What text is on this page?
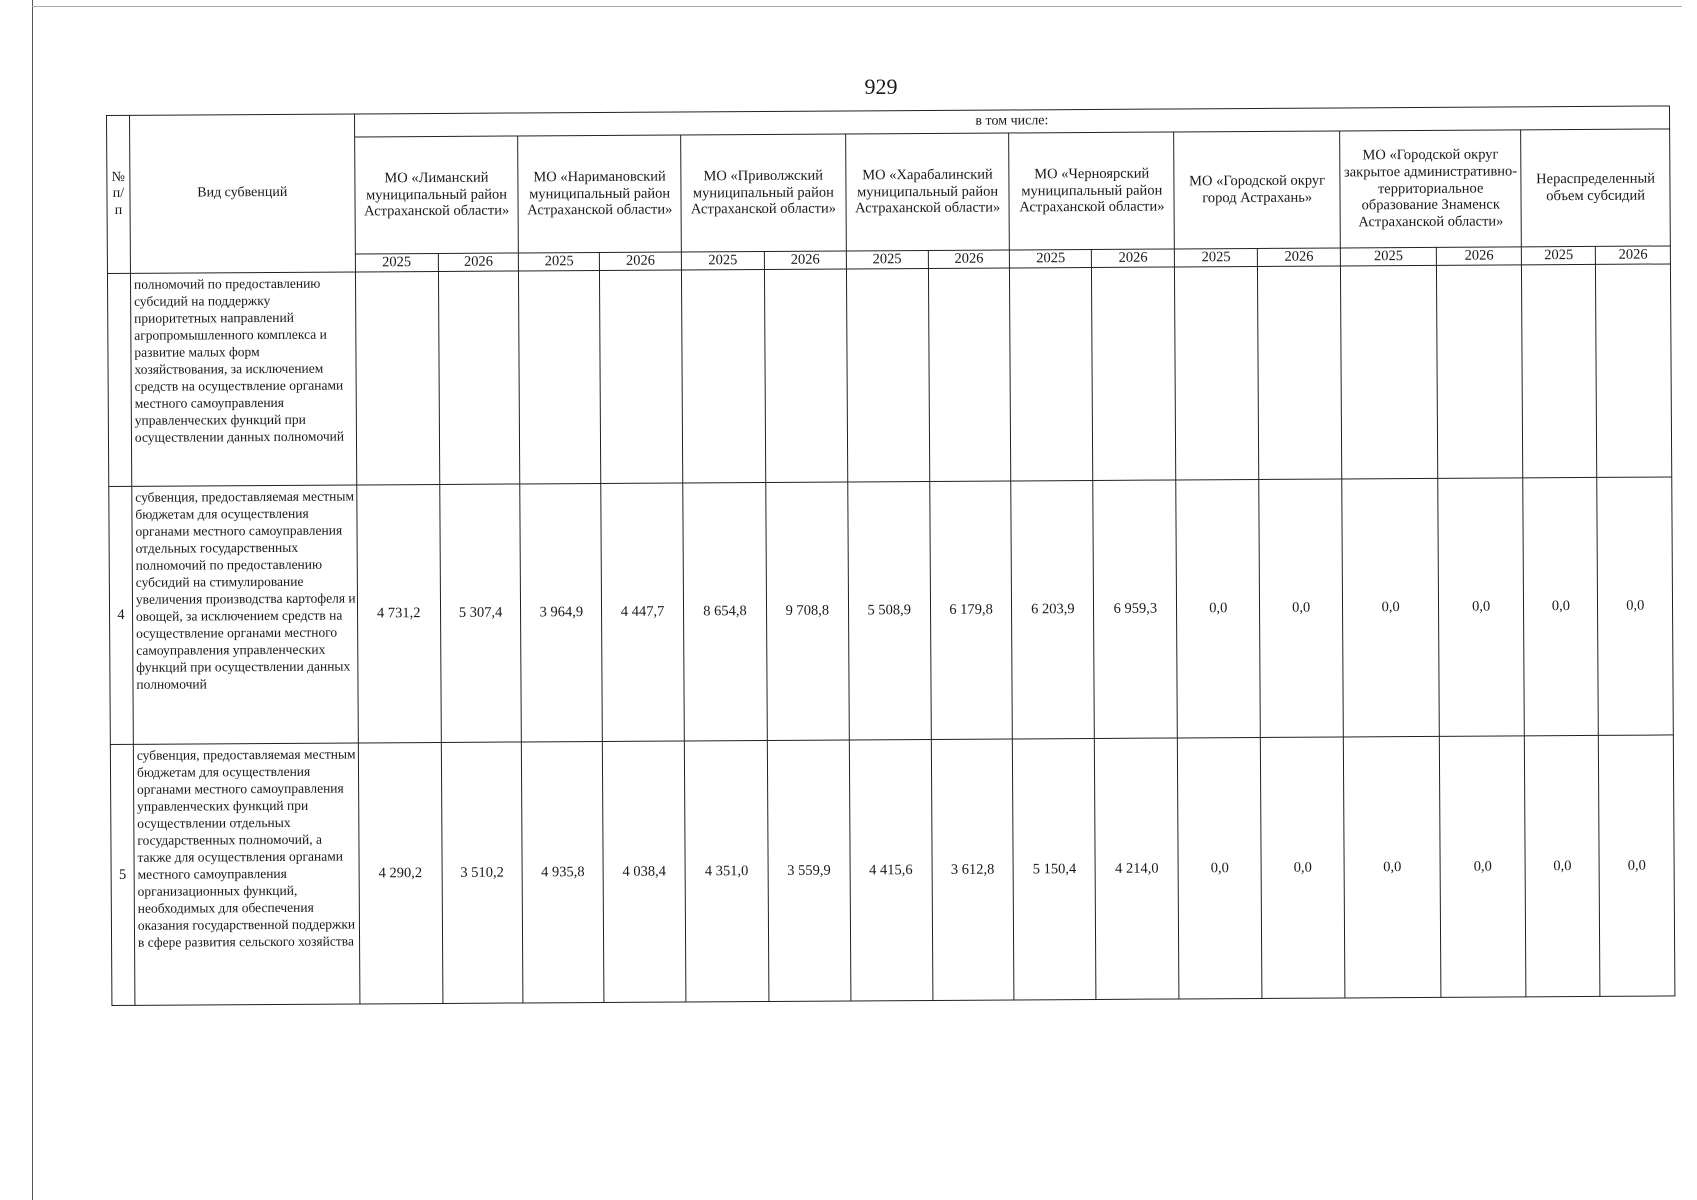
929
№ п/п	Вид субвенций	в том числе:															
		МО «Лиманский муниципальный район Астраханской области»		МО «Наримановский муниципальный район Астраханской области»		МО «Приволжский муниципальный район Астраханской области»		МО «Харабалинский муниципальный район Астраханской области»		МО «Черноярский муниципальный район Астраханской области»		МО «Городской округ город Астрахань»		МО «Городской округ закрытое административно-территориальное образование Знаменск Астраханской области»		Нераспределенный объем субсидий	
		2025	2026	2025	2026	2025	2026	2025	2026	2025	2026	2025	2026	2025	2026	2025	2026
	полномочий по предоставлению субсидий на поддержку приоритетных направлений агропромышленного комплекса и развитие малых форм хозяйствования, за исключением средств на осуществление органами местного самоуправления управленческих функций при осуществлении данных полномочий																
4	субвенция, предоставляемая местным бюджетам для осуществления органами местного самоуправления отдельных государственных полномочий по предоставлению субсидий на стимулирование увеличения производства картофеля и овощей, за исключением средств на осуществление органами местного самоуправления управленческих функций при осуществлении данных полномочий	4 731,2	5 307,4	3 964,9	4 447,7	8 654,8	9 708,8	5 508,9	6 179,8	6 203,9	6 959,3	0,0	0,0	0,0	0,0	0,0	0,0
5	субвенция, предоставляемая местным бюджетам для осуществления органами местного самоуправления управленческих функций при осуществлении отдельных государственных полномочий, а также для осуществления органами местного самоуправления организационных функций, необходимых для обеспечения оказания государственной поддержки в сфере развития сельского хозяйства	4 290,2	3 510,2	4 935,8	4 038,4	4 351,0	3 559,9	4 415,6	3 612,8	5 150,4	4 214,0	0,0	0,0	0,0	0,0	0,0	0,0
